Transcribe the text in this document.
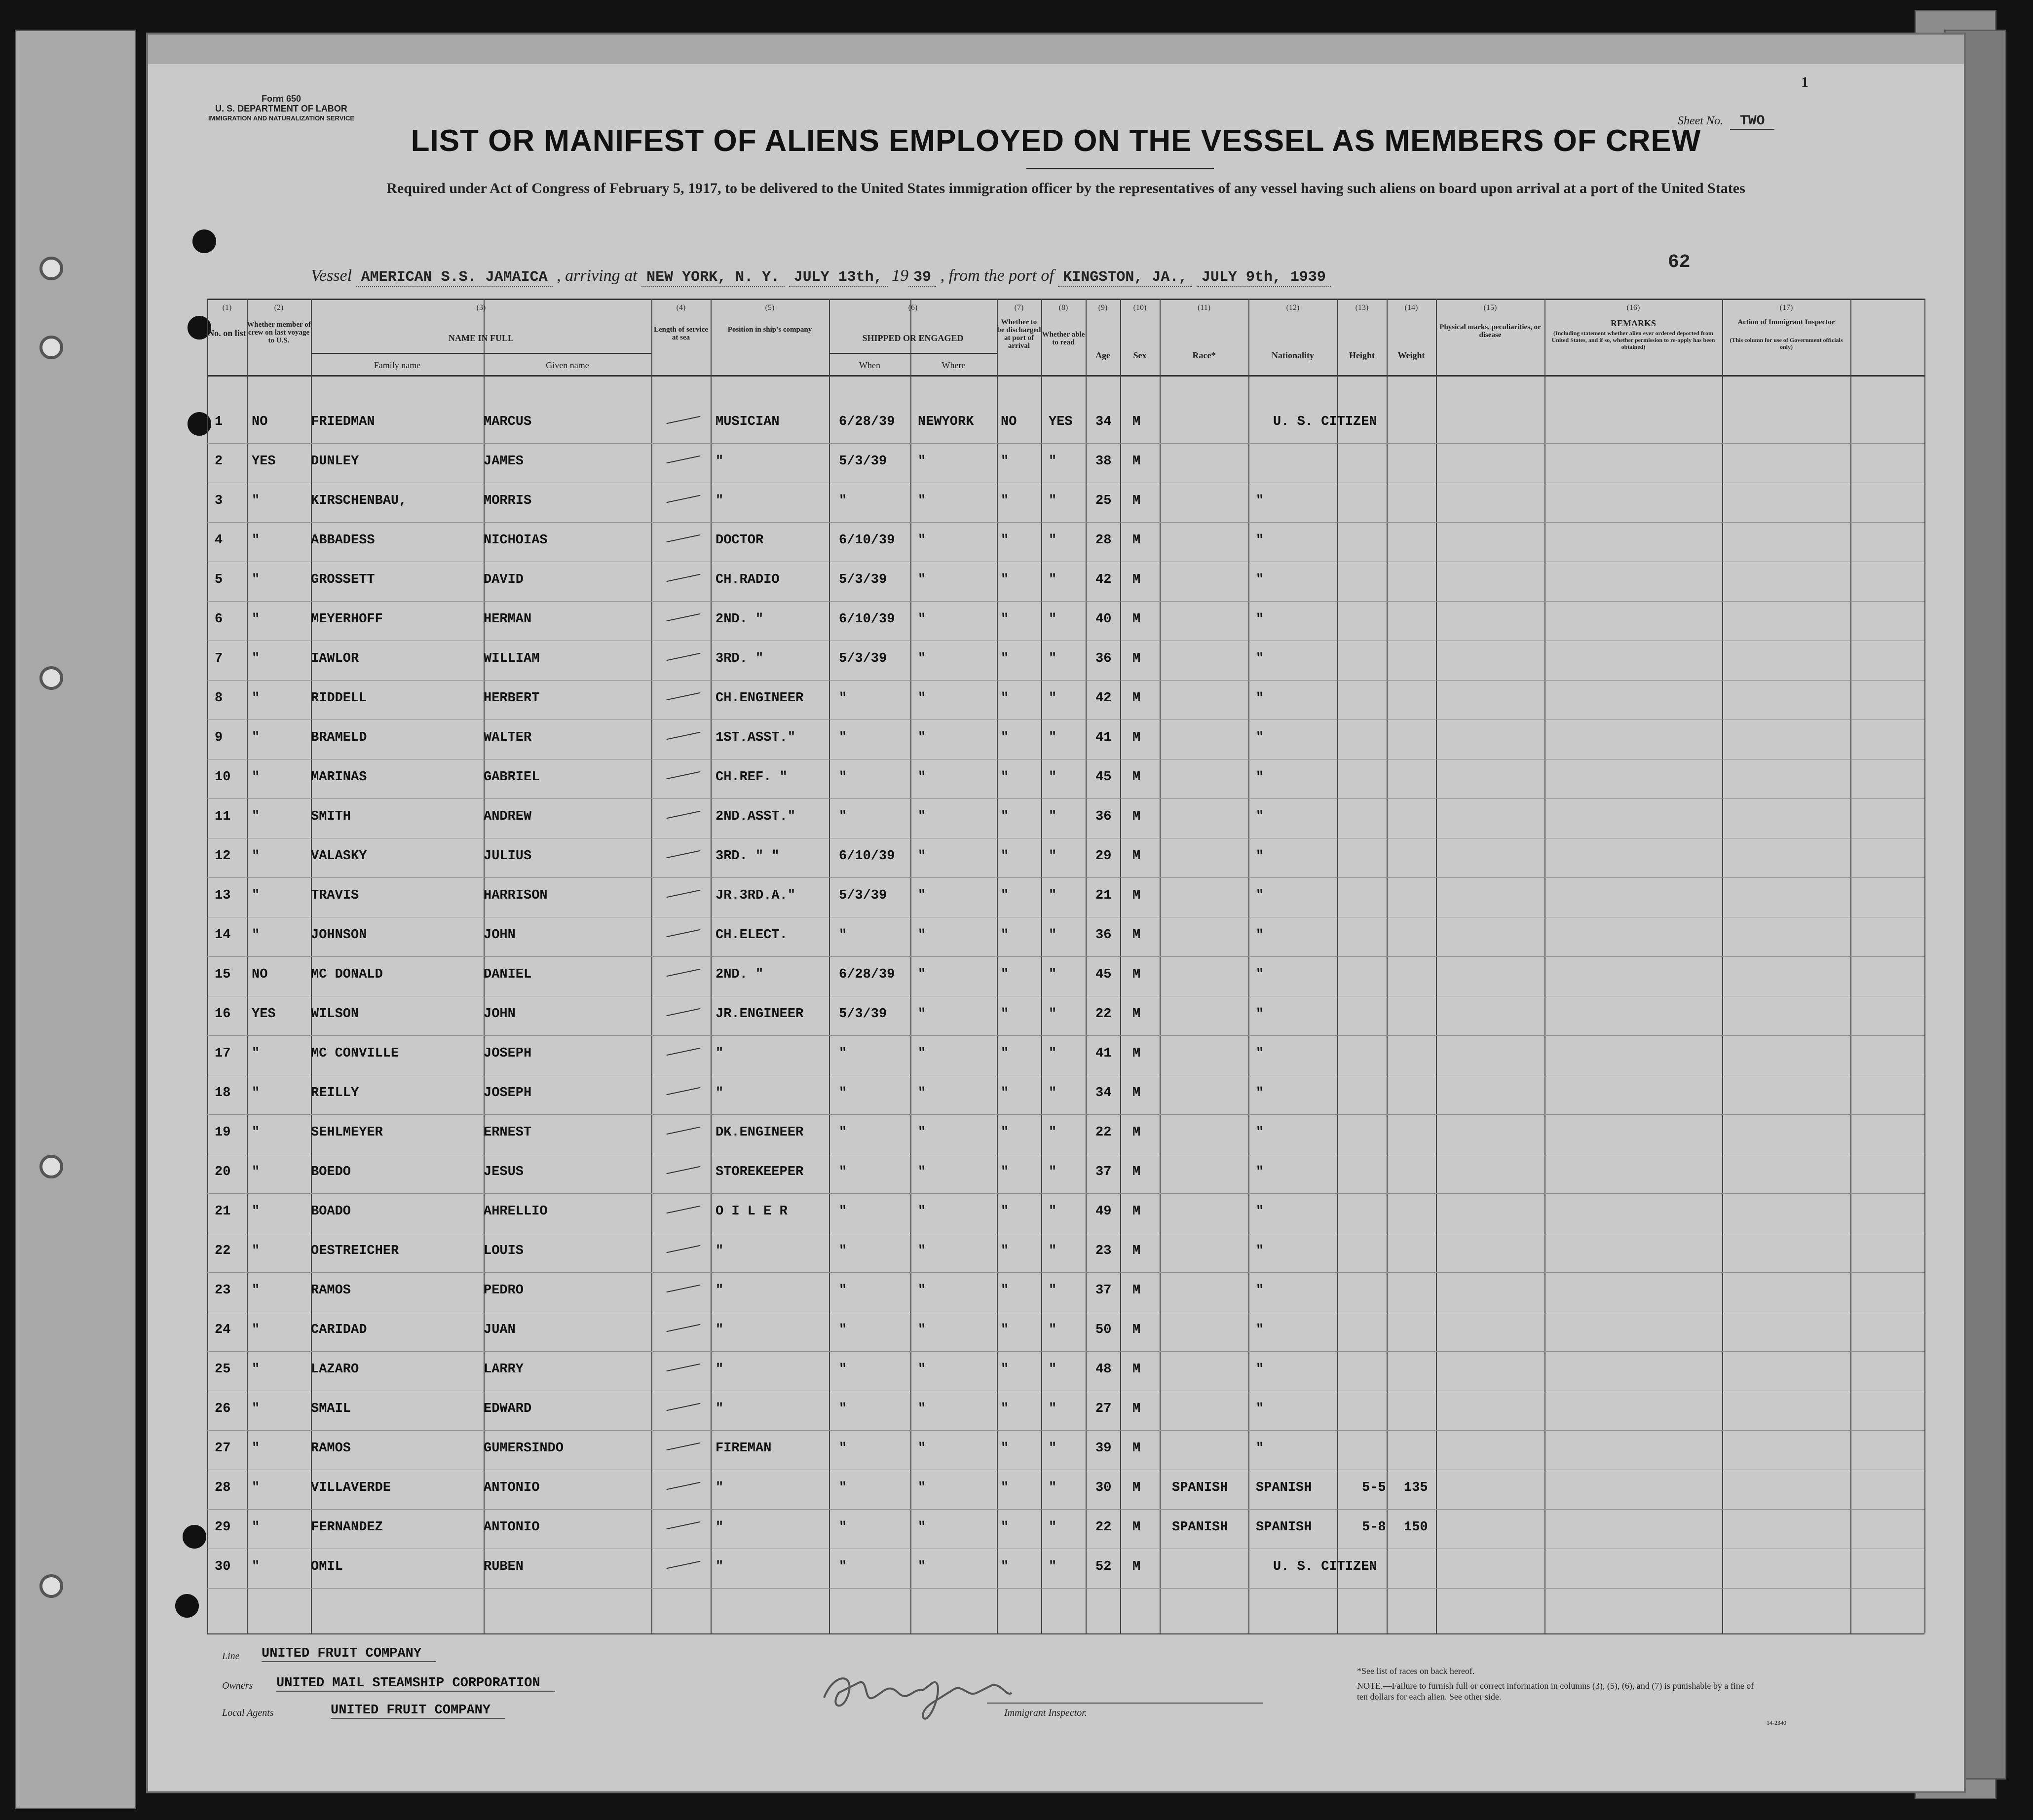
Form 650
U. S. DEPARTMENT OF LABOR
IMMIGRATION AND NATURALIZATION SERVICE	Sheet No. TWO
1
LIST OR MANIFEST OF ALIENS EMPLOYED ON THE VESSEL AS MEMBERS OF CREW
Required under Act of Congress of February 5, 1917, to be delivered to the United States immigration officer by the representatives of any vessel having such aliens on board upon arrival at a port of the United States
Vessel AMERICAN S.S. JAMAICA , arriving at NEW YORK, N. Y. JULY 13th, 19 39 , from the port of KINGSTON, JA., JULY 9th, 1939
62
(1)
No. on list
(2)
Whether member of crew on last voyage to U.S.
(3)
NAME IN FULL
Family name	Given name
(4)
Length of service at sea
(5)
Position in ship's company
(6)
SHIPPED OR ENGAGED
When	Where
(7)
Whether to be discharged at port of arrival
(8)
Whether able to read
(9)
Age
(10)
Sex
(11)
Race*
(12)
Nationality
(13)
Height
(14)
Weight
(15)
Physical marks, peculiarities, or disease
(16)
REMARKS
(Including statement whether alien ever ordered deported from United States, and if so, whether permission to re-apply has been obtained)
(17)
Action of Immigrant Inspector
(This column for use of Government officials only)
1 NO	FRIEDMAN	MARCUS	MUSICIAN	6/28/39 NEWYORK NO YES 34 M	U. S. CITIZEN
2 YES	DUNLEY	JAMES	"	5/3/39 "	"	"	38 M
3 "	KIRSCHENBAU,	MORRIS	"	"	"	"	"	25 M	"
4 "	ABBADESS	NICHOIAS	DOCTOR	6/10/39 "	"	"	28 M	"
5 "	GROSSETT	DAVID	CH.RADIO	5/3/39 "	"	"	42 M	"
6 "	MEYERHOFF	HERMAN	2ND. "	6/10/39 "	"	"	40 M	"
7 "	IAWLOR	WILLIAM	3RD. "	5/3/39 "	"	"	36 M	"
8 "	RIDDELL	HERBERT	CH.ENGINEER	"	"	"	"	42 M	"
9 "	BRAMELD	WALTER	1ST.ASST."	"	"	"	"	41 M	"
10 "	MARINAS	GABRIEL	CH.REF. "	"	"	"	"	45 M	"
11 "	SMITH	ANDREW	2ND.ASST."	"	"	"	"	36 M	"
12 "	VALASKY	JULIUS	3RD. " "	6/10/39 "	"	"	29 M	"
13 "	TRAVIS	HARRISON	JR.3RD.A."	5/3/39 "	"	"	21 M	"
14 "	JOHNSON	JOHN	CH.ELECT.	"	"	"	"	36 M	"
15 NO	MC DONALD	DANIEL	2ND. "	6/28/39 "	"	"	45 M	"
16 YES	WILSON	JOHN	JR.ENGINEER	5/3/39 "	"	"	22 M	"
17 "	MC CONVILLE	JOSEPH	"	"	"	"	"	41 M	"
18 "	REILLY	JOSEPH	"	"	"	"	"	34 M	"
19 "	SEHLMEYER	ERNEST	DK.ENGINEER	"	"	"	"	22 M	"
20 "	BOEDO	JESUS	STOREKEEPER	"	"	"	"	37 M	"
21 "	BOADO	AHRELLIO	O I L E R	"	"	"	"	49 M	"
22 "	OESTREICHER	LOUIS	"	"	"	"	"	23 M	"
23 "	RAMOS	PEDRO	"	"	"	"	"	37 M	"
24 "	CARIDAD	JUAN	"	"	"	"	"	50 M	"
25 "	LAZARO	LARRY	"	"	"	"	"	48 M	"
26 "	SMAIL	EDWARD	"	"	"	"	"	27 M	"
27 "	RAMOS	GUMERSINDO	FIREMAN	"	"	"	"	39 M	"
28 "	VILLAVERDE	ANTONIO	"	"	"	"	"	30 M SPANISH SPANISH	5-5 135
29 "	FERNANDEZ	ANTONIO	"	"	"	"	"	22 M SPANISH SPANISH	5-8 150
30 "	OMIL	RUBEN	"	"	"	"	"	52 M	U. S. CITIZEN
Line UNITED FRUIT COMPANY
Owners UNITED MAIL STEAMSHIP CORPORATION
Local Agents	UNITED FRUIT COMPANY	Immigrant Inspector.
*See list of races on back hereof.
NOTE.—Failure to furnish full or correct information in columns (3), (5), (6), and (7) is punishable by a fine of ten dollars for each alien. See other side.
14-2340
